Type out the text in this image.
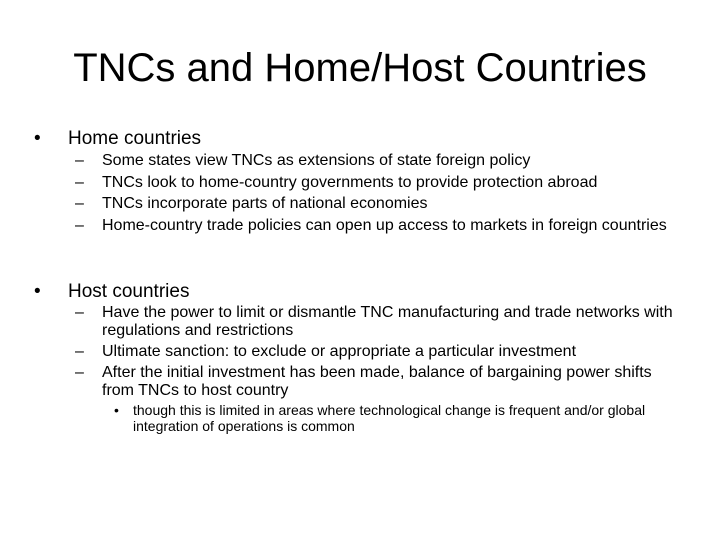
TNCs and Home/Host Countries
•	Home countries
–	Some states view TNCs as extensions of state foreign policy
–	TNCs look to home-country governments to provide protection abroad
–	TNCs incorporate parts of national economies
–	Home-country trade policies can open up access to markets in foreign countries
•	Host countries
–	Have the power to limit or dismantle TNC manufacturing and trade networks with regulations and restrictions
–	Ultimate sanction: to exclude or appropriate a particular investment
–	After the initial investment has been made, balance of bargaining power shifts from TNCs to host country
•	though this is limited in areas where technological change is frequent and/or global integration of operations is common
